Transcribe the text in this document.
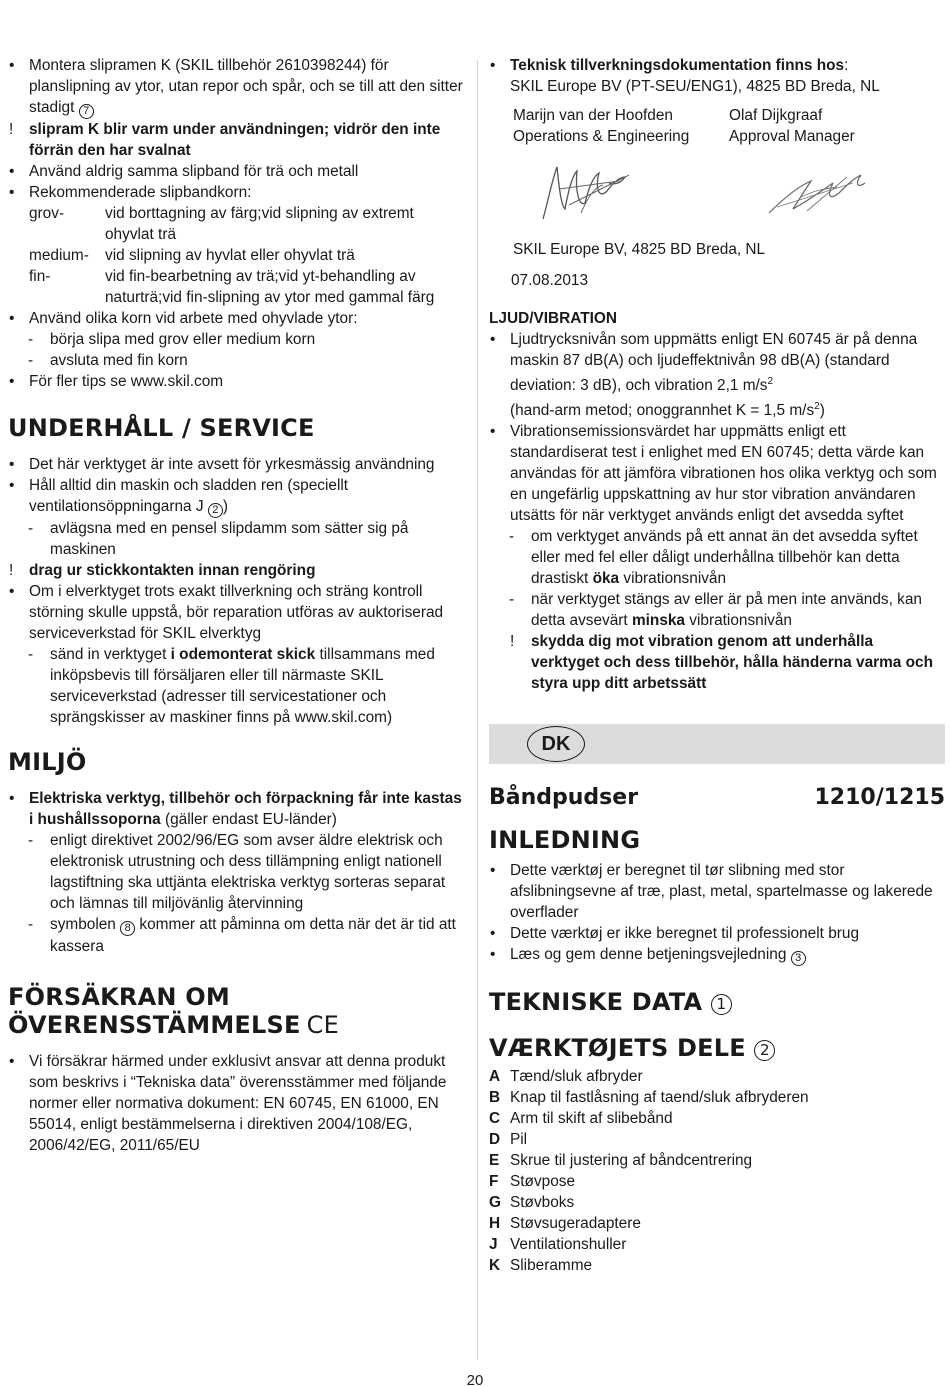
• Montera slipramen K (SKIL tillbehör 2610398244) för planslipning av ytor, utan repor och spår, och se till att den sitter stadigt 7
! slipram K blir varm under användningen; vidrör den inte förrän den har svalnat
• Använd aldrig samma slipband för trä och metall
• Rekommenderade slipbandkorn:
grov-	vid borttagning av färg;vid slipning av extremt ohyvlat trä
medium-	vid slipning av hyvlat eller ohyvlat trä
fin-	vid fin-bearbetning av trä;vid yt-behandling av naturträ;vid fin-slipning av ytor med gammal färg
• Använd olika korn vid arbete med ohyvlade ytor:
- börja slipa med grov eller medium korn
- avsluta med fin korn
• För fler tips se www.skil.com
UNDERHÅLL / SERVICE
• Det här verktyget är inte avsett för yrkesmässig användning
• Håll alltid din maskin och sladden ren (speciellt ventilationsöppningarna J 2 )
- avlägsna med en pensel slipdamm som sätter sig på maskinen
! drag ur stickkontakten innan rengöring
• Om i elverktyget trots exakt tillverkning och sträng kontroll störning skulle uppstå, bör reparation utföras av auktoriserad serviceverkstad för SKIL elverktyg
- sänd in verktyget i odemonterat skick tillsammans med inköpsbevis till försäljaren eller till närmaste SKIL serviceverkstad (adresser till servicestationer och sprängskisser av maskiner finns på www.skil.com)
MILJÖ
• Elektriska verktyg, tillbehör och förpackning får inte kastas i hushållssoporna (gäller endast EU-länder)
- enligt direktivet 2002/96/EG som avser äldre elektrisk och elektronisk utrustning och dess tillämpning enligt nationell lagstiftning ska uttjänta elektriska verktyg sorteras separat och lämnas till miljövänlig återvinning
- symbolen 8 kommer att påminna om detta när det är tid att kassera
FÖRSÄKRAN OM
ÖVERENSSTÄMMELSE CE
• Vi försäkrar härmed under exklusivt ansvar att denna produkt som beskrivs i “Tekniska data” överensstämmer med följande normer eller normativa dokument: EN 60745, EN 61000, EN 55014, enligt bestämmelserna i direktiven 2004/108/EG, 2006/42/EG, 2011/65/EU
• Teknisk tillverkningsdokumentation finns hos:
SKIL Europe BV (PT-SEU/ENG1), 4825 BD Breda, NL
Marijn van der Hoofden
Operations & Engineering
Olaf Dijkgraaf
Approval Manager
SKIL Europe BV, 4825 BD Breda, NL
07.08.2013
LJUD/VIBRATION
• Ljudtrycksnivån som uppmätts enligt EN 60745 är på denna maskin 87 dB(A) och ljudeffektnivån 98 dB(A) (standard deviation: 3 dB), och vibration 2,1 $m/s^2$
(hand-arm metod; onoggrannhet K = 1,5 $m/s^2$)
• Vibrationsemissionsvärdet har uppmätts enligt ett standardiserat test i enlighet med EN 60745; detta värde kan användas för att jämföra vibrationen hos olika verktyg och som en ungefärlig uppskattning av hur stor vibration användaren utsätts för när verktyget används enligt det avsedda syftet
- om verktyget används på ett annat än det avsedda syftet eller med fel eller dåligt underhållna tillbehör kan detta drastiskt öka vibrationsnivån
- när verktyget stängs av eller är på men inte används, kan detta avsevärt minska vibrationsnivån
! skydda dig mot vibration genom att underhålla verktyget och dess tillbehör, hålla händerna varma och styra upp ditt arbetssätt
DK
Båndpudser	1210/1215
INLEDNING
• Dette værktøj er beregnet til tør slibning med stor afslibningsevne af træ, plast, metal, spartelmasse og lakerede overflader
• Dette værktøj er ikke beregnet til professionelt brug
• Læs og gem denne betjeningsvejledning 3
TEKNISKE DATA 1
VÆRKTØJETS DELE 2
A Tænd/sluk afbryder
B Knap til fastlåsning af taend/sluk afbryderen
C Arm til skift af slibebånd
D Pil
E Skrue til justering af båndcentrering
F Støvpose
G Støvboks
H Støvsugeradaptere
J Ventilationshuller
K Sliberamme
20
